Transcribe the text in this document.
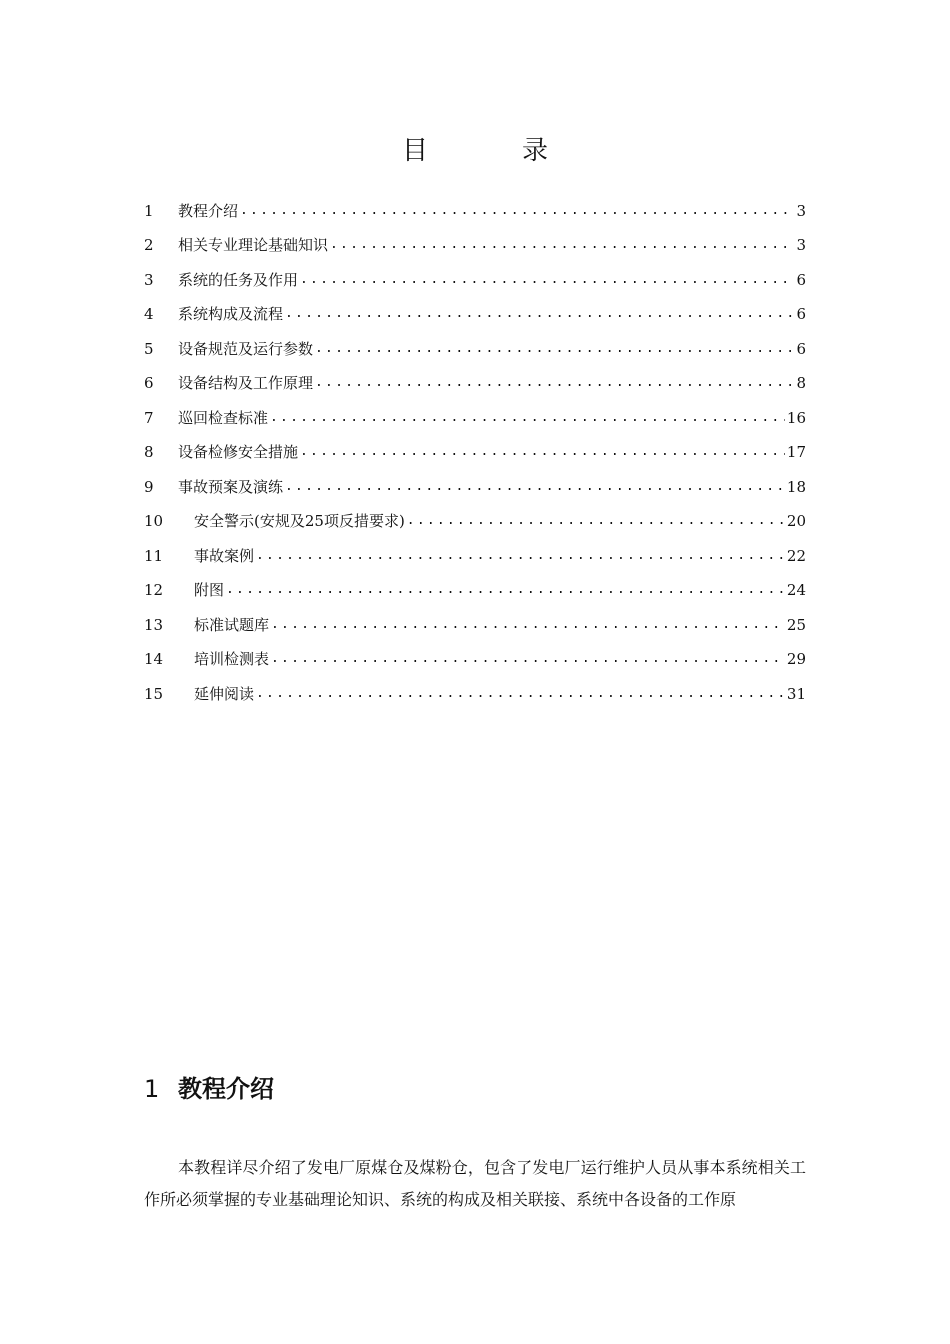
目　录
1	教程介绍 .....	3
2	相关专业理论基础知识 .....	3
3	系统的任务及作用 .....	6
4	系统构成及流程 .....	6
5	设备规范及运行参数 .....	6
6	设备结构及工作原理 .....	8
7	巡回检查标准 .....	16
8	设备检修安全措施 .....	17
9	事故预案及演练 .....	18
10	安全警示(安规及25项反措要求) .....	20
11	事故案例 .....	22
12	附图 .....	24
13	标准试题库 .....	25
14	培训检测表 .....	29
15	延伸阅读 .....	31
1 教程介绍
本教程详尽介绍了发电厂原煤仓及煤粉仓，包含了发电厂运行维护人员从事本系统相关工作所必须掌握的专业基础理论知识、系统的构成及相关联接、系统中各设备的工作原
